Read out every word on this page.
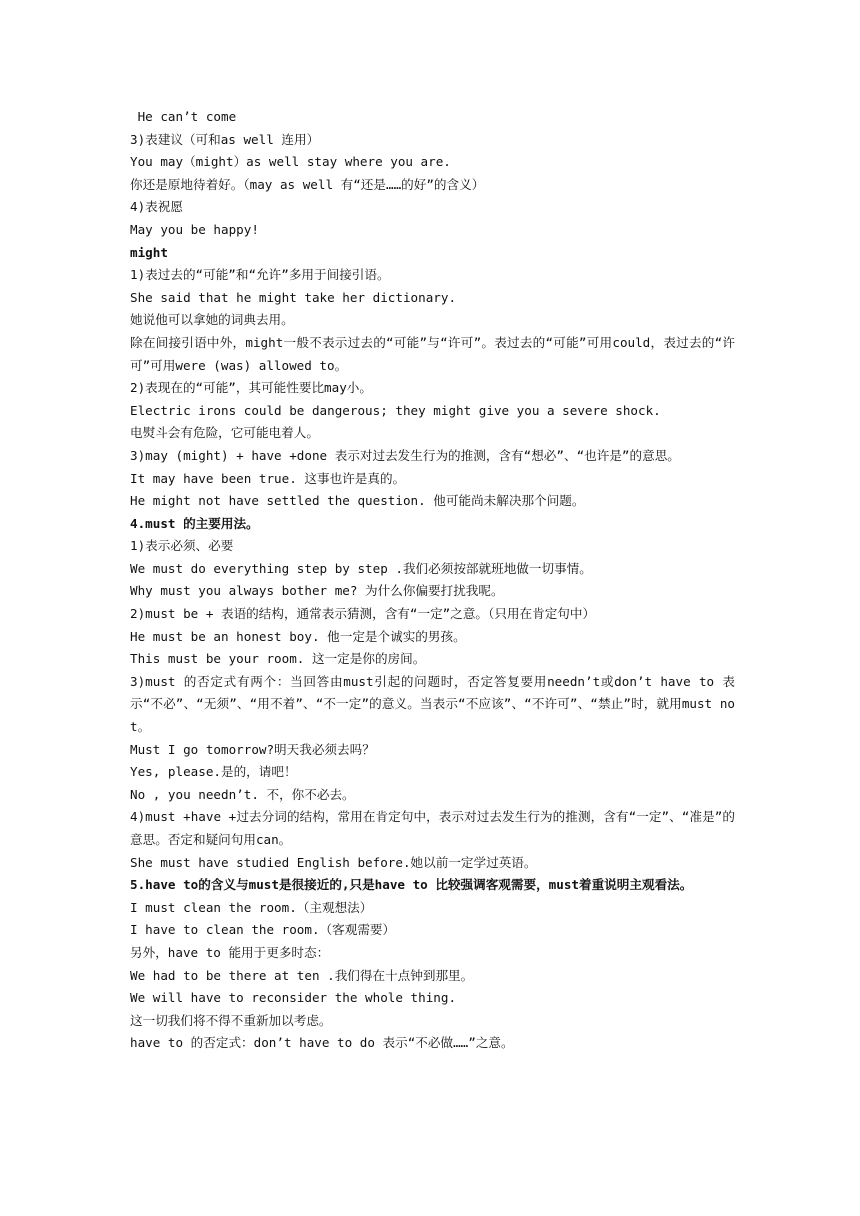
He can’t come
3)表建议（可和as well 连用）
You may（might）as well stay where you are.
你还是原地待着好。（may as well 有“还是……的好”的含义）
4)表祝愿
May you be happy!
might
1)表过去的“可能”和“允许”多用于间接引语。
She said that he might take her dictionary.
她说他可以拿她的词典去用。
除在间接引语中外，might一般不表示过去的“可能”与“许可”。表过去的“可能”可用could，表过去的“许可”可用were (was) allowed to。
2)表现在的“可能”，其可能性要比may小。
Electric irons could be dangerous; they might give you a severe shock.
电熨斗会有危险，它可能电着人。
3)may (might) + have +done 表示对过去发生行为的推测，含有“想必”、“也许是”的意思。
It may have been true. 这事也许是真的。
He might not have settled the question. 他可能尚未解决那个问题。
4.must 的主要用法。
1)表示必须、必要
We must do everything step by step .我们必须按部就班地做一切事情。
Why must you always bother me? 为什么你偏要打扰我呢。
2)must be + 表语的结构，通常表示猜测，含有“一定”之意。（只用在肯定句中）
He must be an honest boy. 他一定是个诚实的男孩。
This must be your room. 这一定是你的房间。
3)must 的否定式有两个：当回答由must引起的问题时，否定答复要用needn’t或don’t have to 表示“不必”、“无须”、“用不着”、“不一定”的意义。当表示“不应该”、“不许可”、“禁止”时，就用must not。
Must I go tomorrow?明天我必须去吗？
Yes, please.是的，请吧！
No , you needn’t. 不，你不必去。
4)must +have +过去分词的结构，常用在肯定句中，表示对过去发生行为的推测，含有“一定”、“准是”的意思。否定和疑问句用can。
She must have studied English before.她以前一定学过英语。
5.have to的含义与must是很接近的,只是have to 比较强调客观需要，must着重说明主观看法。
I must clean the room.（主观想法）
I have to clean the room.（客观需要）
另外，have to 能用于更多时态：
We had to be there at ten .我们得在十点钟到那里。
We will have to reconsider the whole thing.
这一切我们将不得不重新加以考虑。
have to 的否定式：don’t have to do 表示“不必做……”之意。
